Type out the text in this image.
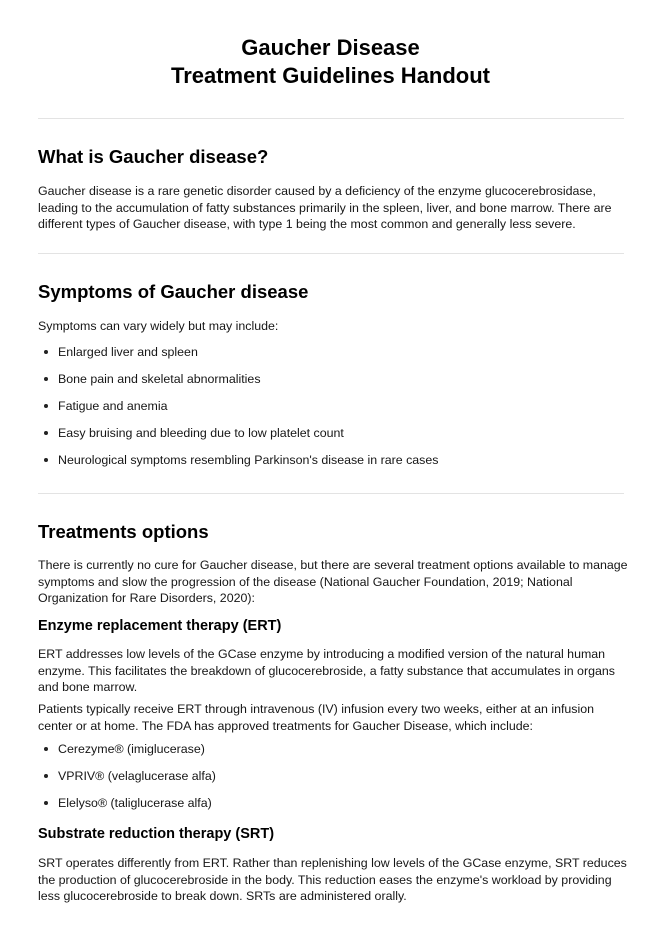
Gaucher Disease
Treatment Guidelines Handout
What is Gaucher disease?

Gaucher disease is a rare genetic disorder caused by a deficiency of the enzyme glucocerebrosidase, leading to the accumulation of fatty substances primarily in the spleen, liver, and bone marrow. There are different types of Gaucher disease, with type 1 being the most common and generally less severe.

Symptoms of Gaucher disease

Symptoms can vary widely but may include:

Enlarged liver and spleen
Bone pain and skeletal abnormalities
Fatigue and anemia
Easy bruising and bleeding due to low platelet count
Neurological symptoms resembling Parkinson's disease in rare cases
Treatments options

There is currently no cure for Gaucher disease, but there are several treatment options available to manage symptoms and slow the progression of the disease (National Gaucher Foundation, 2019; National Organization for Rare Disorders, 2020):

Enzyme replacement therapy (ERT)

ERT addresses low levels of the GCase enzyme by introducing a modified version of the natural human enzyme. This facilitates the breakdown of glucocerebroside, a fatty substance that accumulates in organs and bone marrow.

Patients typically receive ERT through intravenous (IV) infusion every two weeks, either at an infusion center or at home. The FDA has approved treatments for Gaucher Disease, which include:

Cerezyme® (imiglucerase)
VPRIV® (velaglucerase alfa)
Elelyso® (taliglucerase alfa)
Substrate reduction therapy (SRT)

SRT operates differently from ERT. Rather than replenishing low levels of the GCase enzyme, SRT reduces the production of glucocerebroside in the body. This reduction eases the enzyme's workload by providing less glucocerebroside to break down. SRTs are administered orally.
